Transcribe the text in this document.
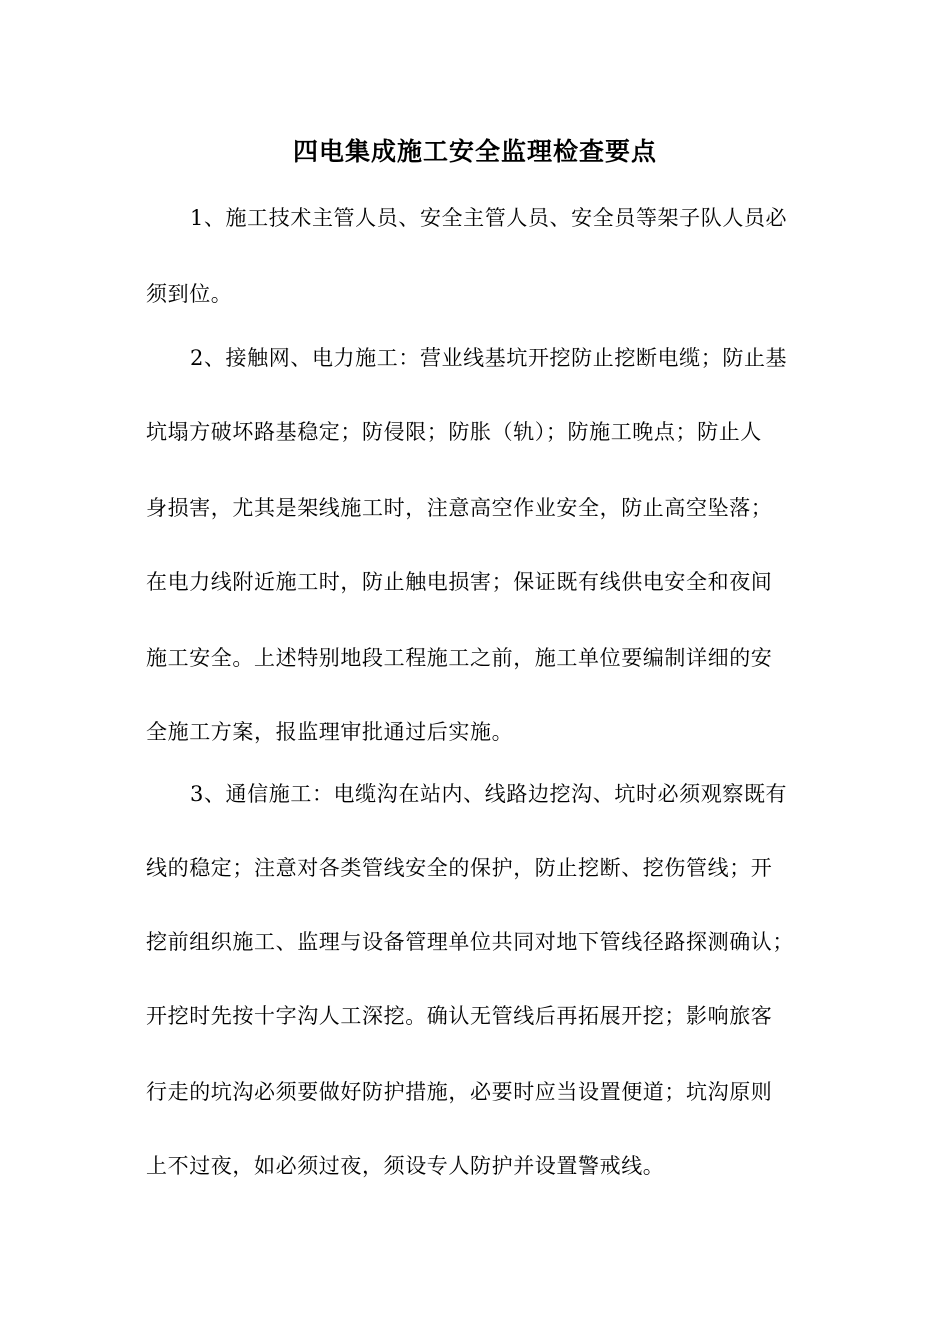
四电集成施工安全监理检查要点

1、施工技术主管人员、安全主管人员、安全员等架子队人员必

须到位。

2、接触网、电力施工：营业线基坑开挖防止挖断电缆；防止基

坑塌方破坏路基稳定；防侵限；防胀（轨）；防施工晚点；防止人

身损害，尤其是架线施工时，注意高空作业安全，防止高空坠落；

在电力线附近施工时，防止触电损害；保证既有线供电安全和夜间

施工安全。上述特别地段工程施工之前，施工单位要编制详细的安

全施工方案，报监理审批通过后实施。

3、通信施工：电缆沟在站内、线路边挖沟、坑时必须观察既有

线的稳定；注意对各类管线安全的保护，防止挖断、挖伤管线；开

挖前组织施工、监理与设备管理单位共同对地下管线径路探测确认；

开挖时先按十字沟人工深挖。确认无管线后再拓展开挖；影响旅客

行走的坑沟必须要做好防护措施，必要时应当设置便道；坑沟原则

上不过夜，如必须过夜，须设专人防护并设置警戒线。
